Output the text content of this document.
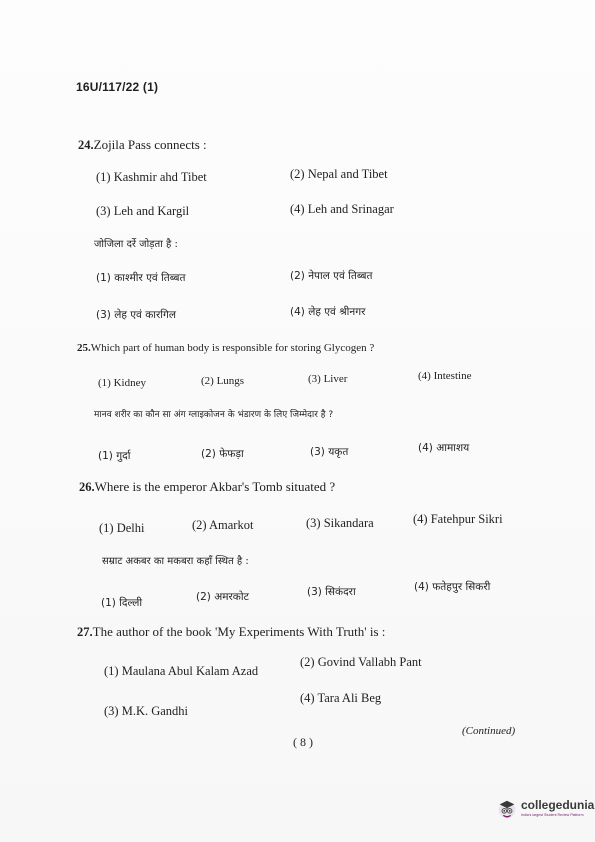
16U/117/22 (1)
24.Zojila Pass connects :
(1) Kashmir ahd Tibet	(2) Nepal and Tibet
(3) Leh and Kargil	(4) Leh and Srinagar
जोजिला दर्रे जोड़ता है :
(1) काश्मीर एवं तिब्बत	(2) नेपाल एवं तिब्बत
(3) लेह एवं कारगिल	(4) लेह एवं श्रीनगर
25.Which part of human body is responsible for storing Glycogen ?
(1) Kidney	(2) Lungs	(3) Liver	(4) Intestine
मानव शरीर का कौन सा अंग ग्लाइकोजन के भंडारण के लिए जिम्मेदार है ?
(1) गुर्दा	(2) फेफड़ा	(3) यकृत	(4) आमाशय
26.Where is the emperor Akbar's Tomb situated ?
(1) Delhi	(2) Amarkot	(3) Sikandara	(4) Fatehpur Sikri
सम्राट अकबर का मकबरा कहाँ स्थित है :
(1) दिल्ली	(2) अमरकोट	(3) सिकंदरा	(4) फतेहपुर सिकरी
27.The author of the book 'My Experiments With Truth' is :
(1) Maulana Abul Kalam Azad
(2) Govind Vallabh Pant
(3) M.K. Gandhi
(4) Tara Ali Beg
(Continued)
( 8 )
collegedunia
India's largest Student Review Platform
